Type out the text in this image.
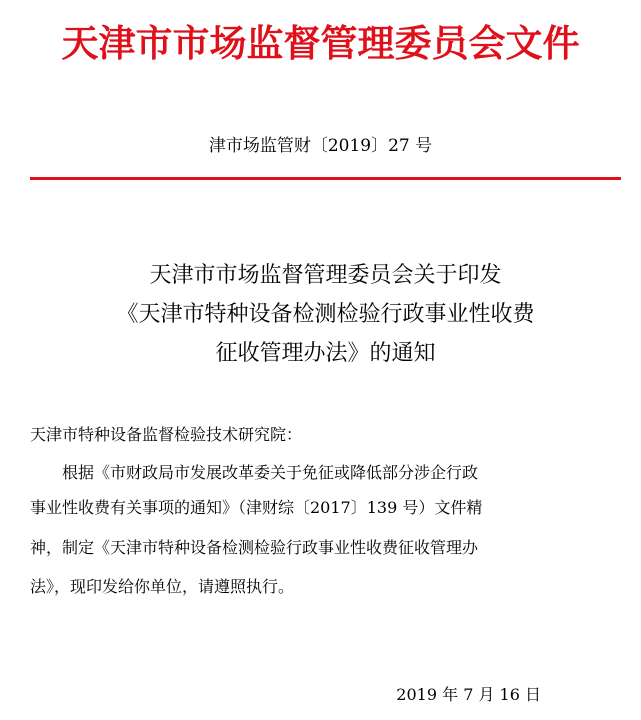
天津市市场监督管理委员会文件
津市场监管财〔2019〕27 号
天津市市场监督管理委员会关于印发
《天津市特种设备检测检验行政事业性收费
征收管理办法》的通知
天津市特种设备监督检验技术研究院：
根据《市财政局市发展改革委关于免征或降低部分涉企行政
事业性收费有关事项的通知》（津财综〔2017〕139 号）文件精
神，制定《天津市特种设备检测检验行政事业性收费征收管理办
法》，现印发给你单位，请遵照执行。
2019 年 7 月 16 日
